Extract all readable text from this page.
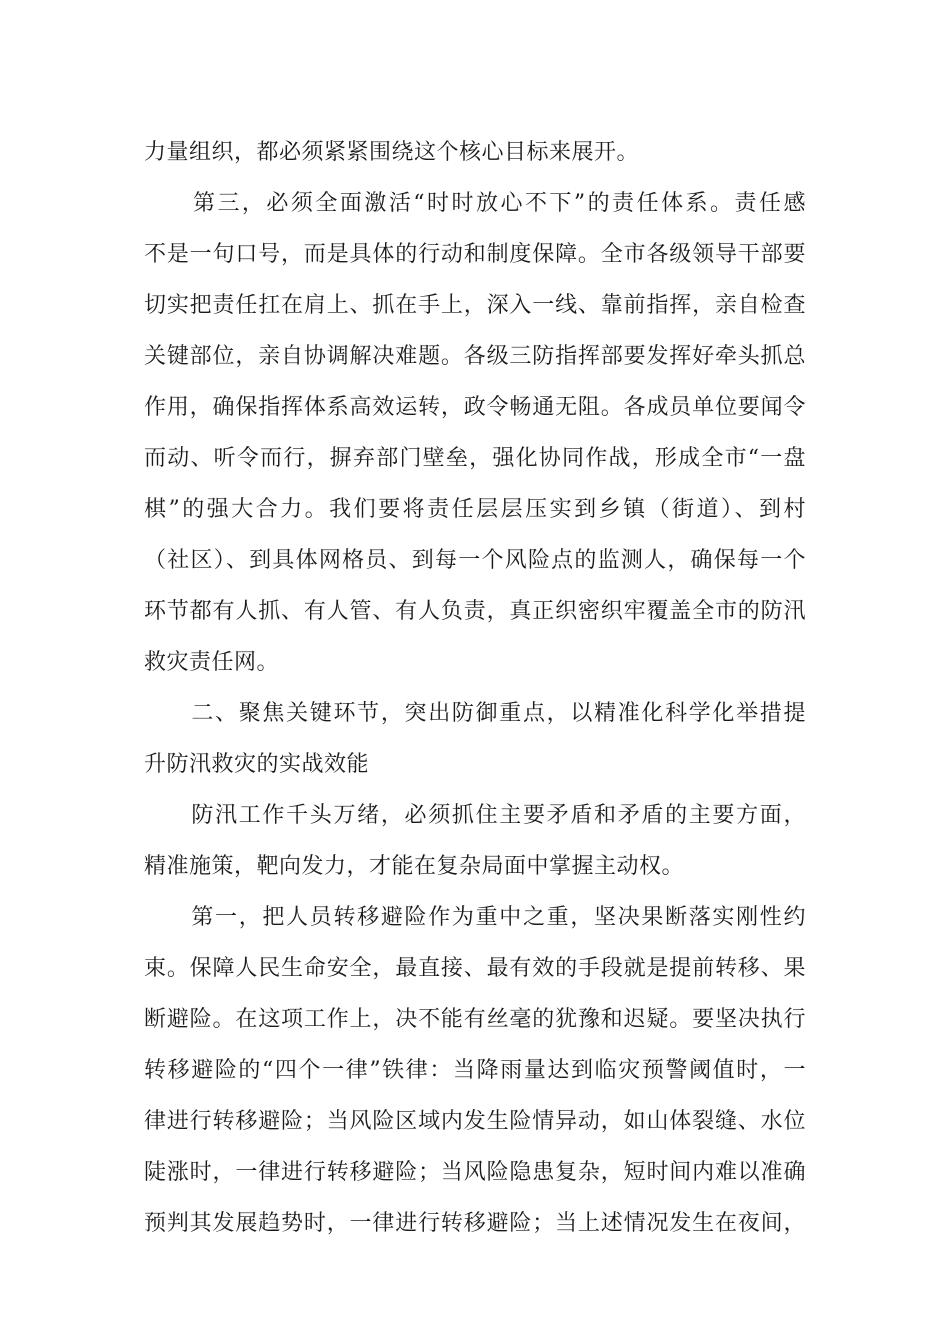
力量组织，都必须紧紧围绕这个核心目标来展开。
　　第三，必须全面激活“时时放心不下”的责任体系。责任感
不是一句口号，而是具体的行动和制度保障。全市各级领导干部要
切实把责任扛在肩上、抓在手上，深入一线、靠前指挥，亲自检查
关键部位，亲自协调解决难题。各级三防指挥部要发挥好牵头抓总
作用，确保指挥体系高效运转，政令畅通无阻。各成员单位要闻令
而动、听令而行，摒弃部门壁垒，强化协同作战，形成全市“一盘
棋”的强大合力。我们要将责任层层压实到乡镇（街道）、到村
（社区）、到具体网格员、到每一个风险点的监测人，确保每一个
环节都有人抓、有人管、有人负责，真正织密织牢覆盖全市的防汛
救灾责任网。
　　二、聚焦关键环节，突出防御重点，以精准化科学化举措提
升防汛救灾的实战效能
　　防汛工作千头万绪，必须抓住主要矛盾和矛盾的主要方面，
精准施策，靶向发力，才能在复杂局面中掌握主动权。
　　第一，把人员转移避险作为重中之重，坚决果断落实刚性约
束。保障人民生命安全，最直接、最有效的手段就是提前转移、果
断避险。在这项工作上，决不能有丝毫的犹豫和迟疑。要坚决执行
转移避险的“四个一律”铁律：当降雨量达到临灾预警阈值时，一
律进行转移避险；当风险区域内发生险情异动，如山体裂缝、水位
陡涨时，一律进行转移避险；当风险隐患复杂，短时间内难以准确
预判其发展趋势时，一律进行转移避险；当上述情况发生在夜间，
